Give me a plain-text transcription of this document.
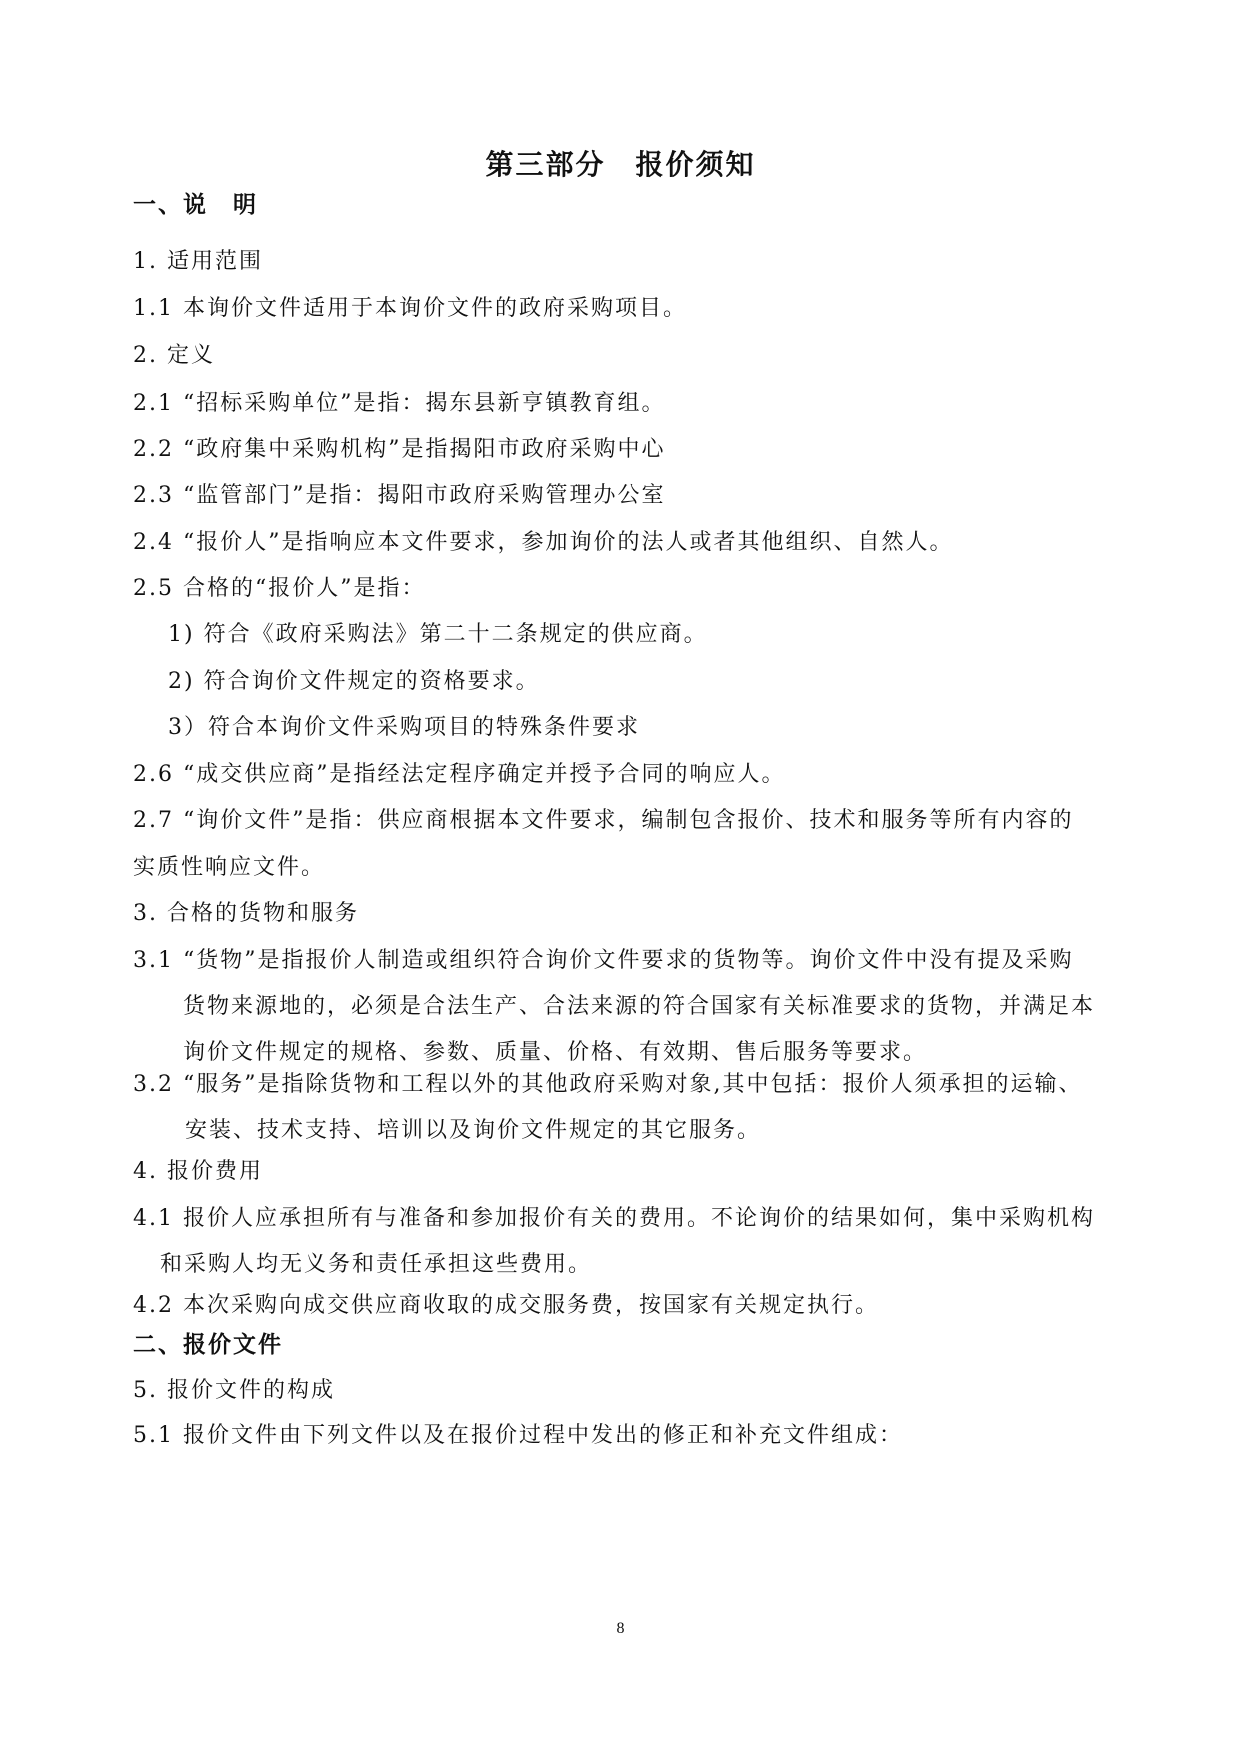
第三部分　报价须知
一、说　明
1. 适用范围
1.1 本询价文件适用于本询价文件的政府采购项目。
2. 定义
2.1 “招标采购单位”是指：揭东县新亨镇教育组。
2.2 “政府集中采购机构”是指揭阳市政府采购中心
2.3 “监管部门”是指：揭阳市政府采购管理办公室
2.4 “报价人”是指响应本文件要求，参加询价的法人或者其他组织、自然人。
2.5 合格的“报价人”是指：
1) 符合《政府采购法》第二十二条规定的供应商。
2) 符合询价文件规定的资格要求。
3）符合本询价文件采购项目的特殊条件要求
2.6 “成交供应商”是指经法定程序确定并授予合同的响应人。
2.7 “询价文件”是指：供应商根据本文件要求，编制包含报价、技术和服务等所有内容的
实质性响应文件。
3. 合格的货物和服务
3.1 “货物”是指报价人制造或组织符合询价文件要求的货物等。询价文件中没有提及采购
货物来源地的，必须是合法生产、合法来源的符合国家有关标准要求的货物，并满足本
询价文件规定的规格、参数、质量、价格、有效期、售后服务等要求。
3.2 “服务”是指除货物和工程以外的其他政府采购对象,其中包括：报价人须承担的运输、
安装、技术支持、培训以及询价文件规定的其它服务。
4. 报价费用
4.1 报价人应承担所有与准备和参加报价有关的费用。不论询价的结果如何，集中采购机构
和采购人均无义务和责任承担这些费用。
4.2 本次采购向成交供应商收取的成交服务费，按国家有关规定执行。
二、报价文件
5. 报价文件的构成
5.1 报价文件由下列文件以及在报价过程中发出的修正和补充文件组成：
8
